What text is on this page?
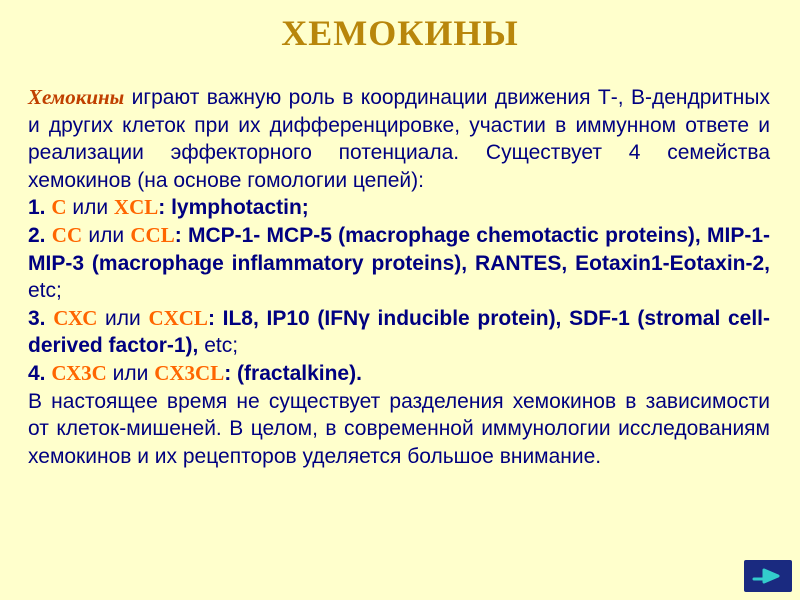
ХЕМОКИНЫ

Хемокины играют важную роль в координации движения Т-, В-дендритных и других клеток при их дифференцировке, участии в иммунном ответе и реализации эффекторного потенциала. Существует 4 семейства хемокинов (на основе гомологии цепей):

1. С или XCL: lymphotactin;

2. СС или CCL: MCP-1- MCP-5 (macrophage chemotactic proteins), MIP-1-MIP-3 (macrophage inflammatory proteins), RANTES, Eotaxin1-Eotaxin-2, etc;

3. СХС или CXCL: IL8, IP10 (IFNγ inducible protein), SDF-1 (stromal cell-derived factor-1), etc;

4. СХ3С или CX3CL: (fractalkine).

В настоящее время не существует разделения хемокинов в зависимости от клеток-мишеней. В целом, в современной иммунологии исследованиям хемокинов и их рецепторов уделяется большое внимание.
